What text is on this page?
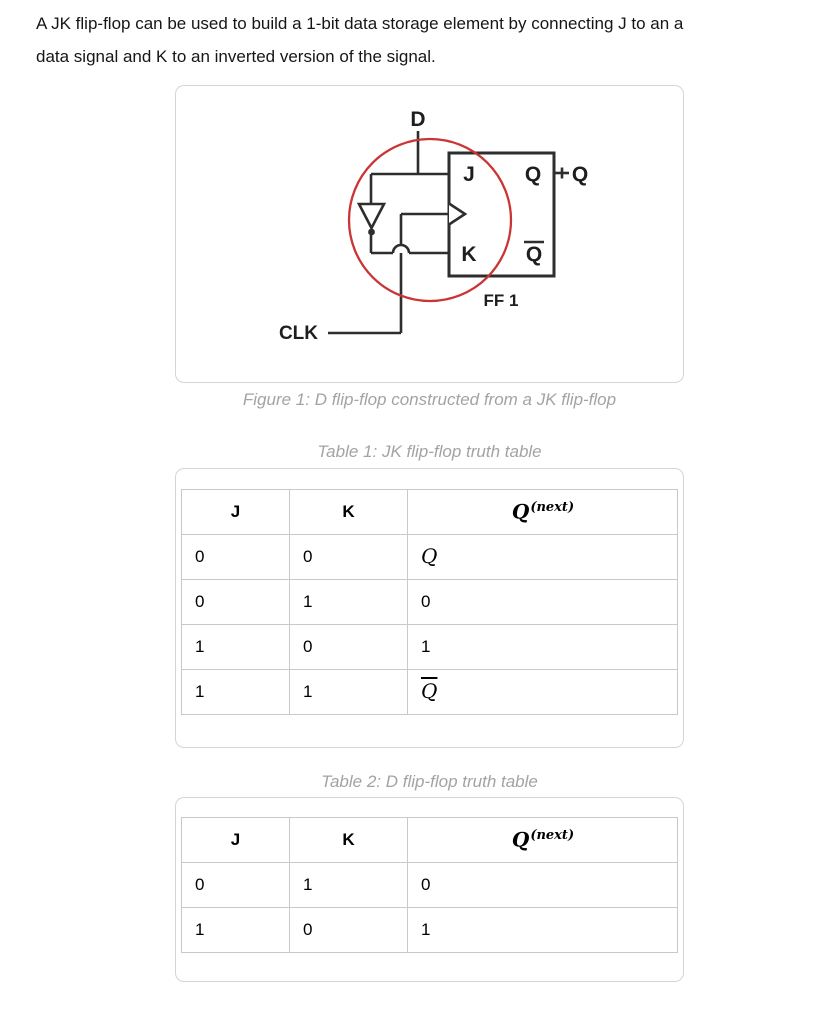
A JK flip-flop can be used to build a 1-bit data storage element by connecting J to an a
data signal and K to an inverted version of the signal.
D
J
K
Q
Q
Q
FF 1
CLK
Figure 1: D flip-flop constructed from a JK flip-flop
Table 1: JK flip-flop truth table
Table 2: D flip-flop truth table
J	K	$Q^{(next)}$
0	0	Q
0	1	0
1	0	1
1	1	$\overline{Q}$
J	K	$Q^{(next)}$
0	1	0
1	0	1
